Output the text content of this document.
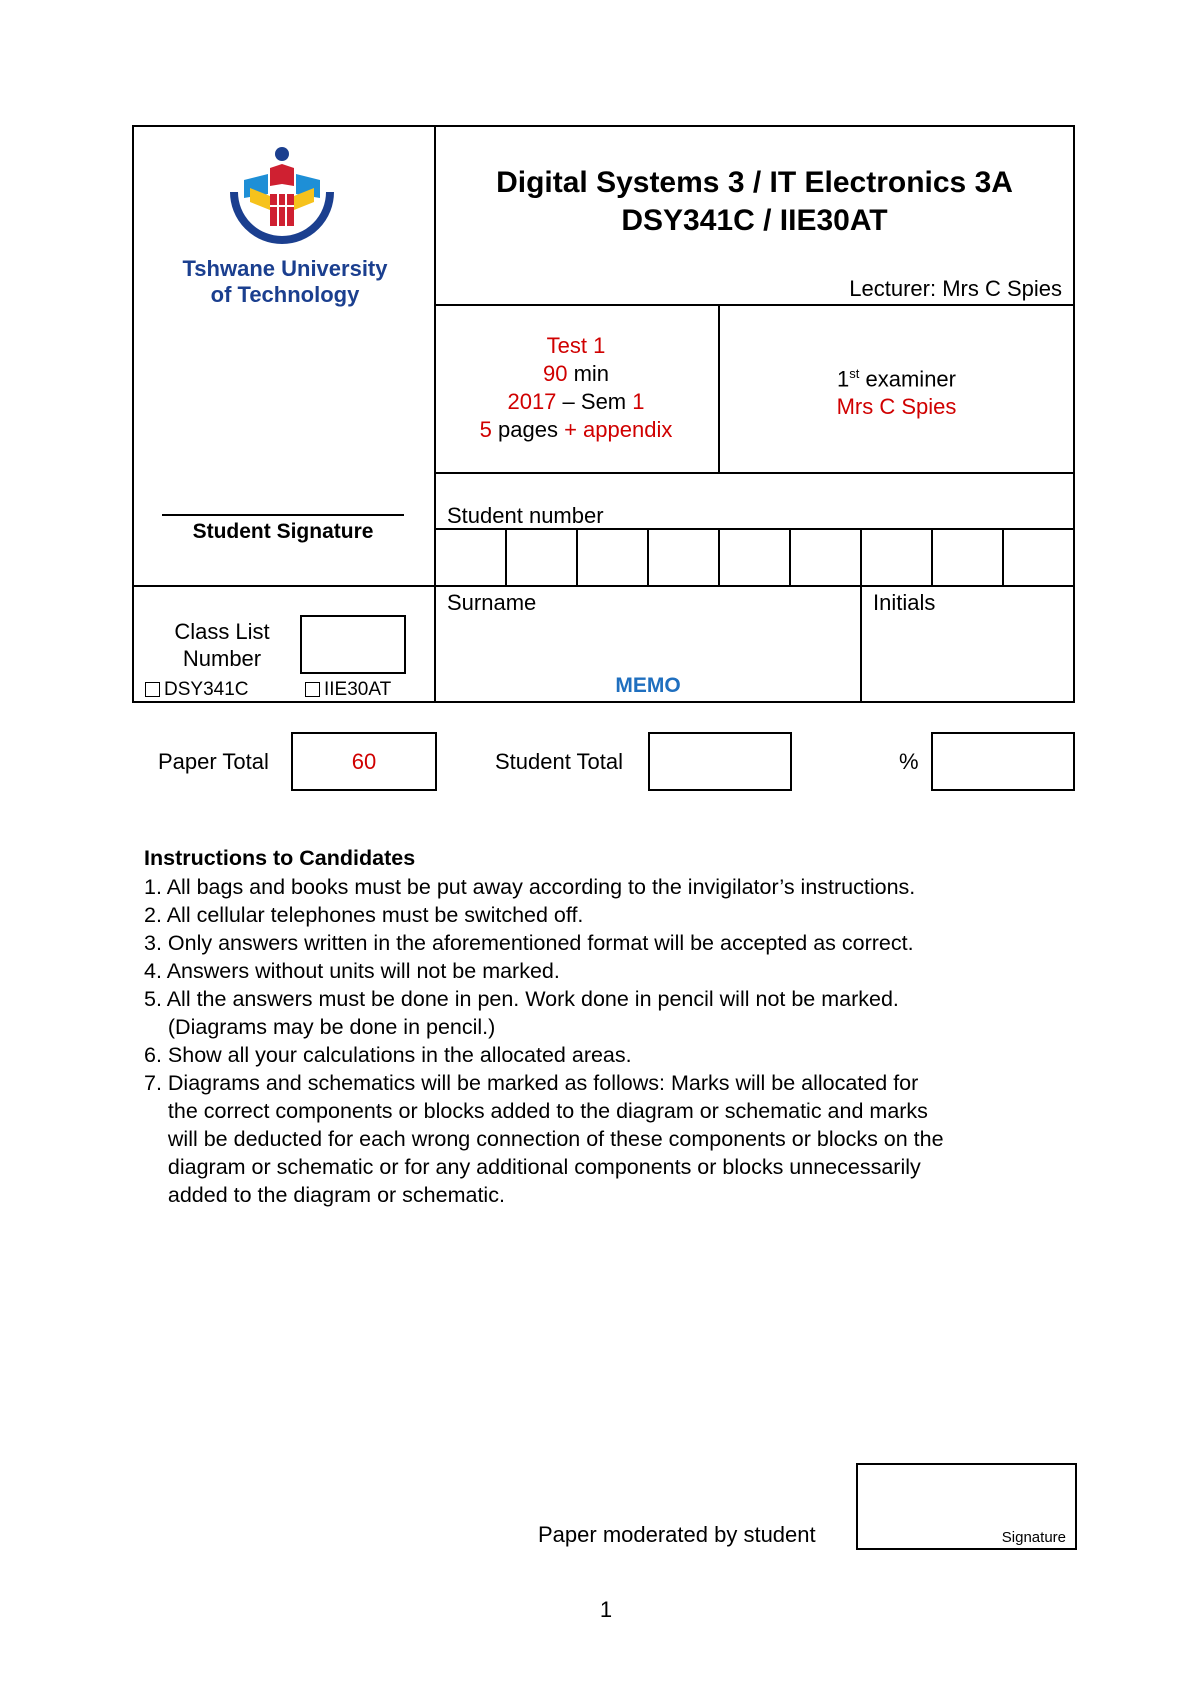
Tshwane University
of Technology
Digital Systems 3 / IT Electronics 3A
DSY341C / IIE30AT
Lecturer: Mrs C Spies
Test 1
90 min
2017 – Sem 1
5 pages + appendix
1st examiner
Mrs C Spies
Student Signature
Student number
Class List
Number
DSY341C	IIE30AT
Surname
MEMO
Initials
Paper Total	60	Student Total	%
Instructions to Candidates
1. All bags and books must be put away according to the invigilator’s instructions.
2. All cellular telephones must be switched off.
3. Only answers written in the aforementioned format will be accepted as correct.
4. Answers without units will not be marked.
5. All the answers must be done in pen. Work done in pencil will not be marked.
(Diagrams may be done in pencil.)
6. Show all your calculations in the allocated areas.
7. Diagrams and schematics will be marked as follows: Marks will be allocated for
the correct components or blocks added to the diagram or schematic and marks
will be deducted for each wrong connection of these components or blocks on the
diagram or schematic or for any additional components or blocks unnecessarily
added to the diagram or schematic.
Paper moderated by student	Signature
1
